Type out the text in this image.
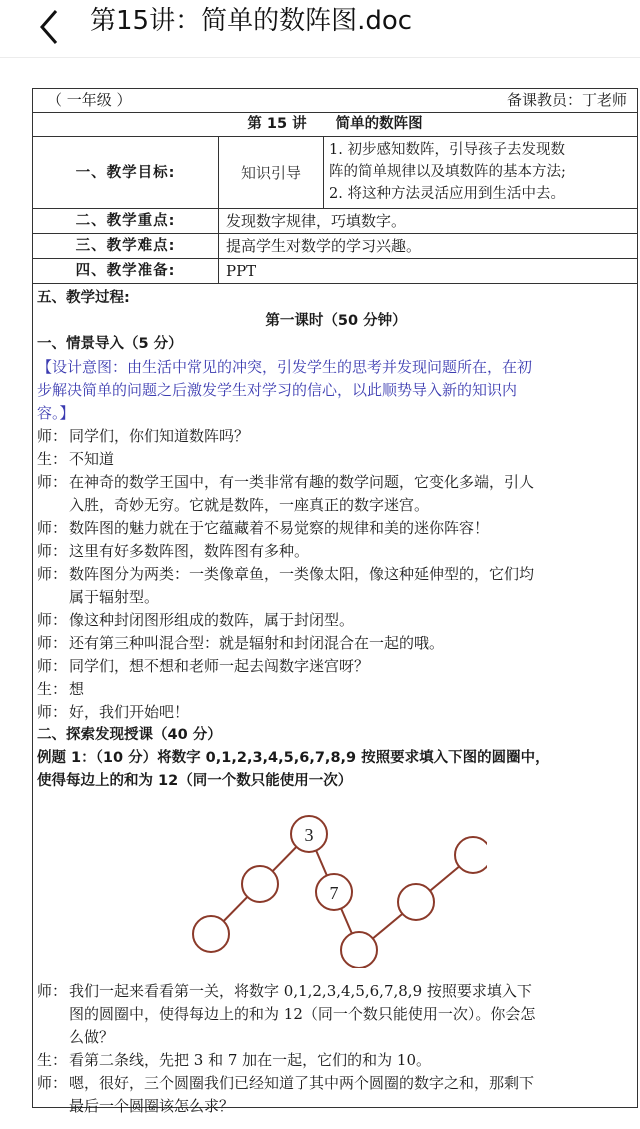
第15讲：简单的数阵图.doc
（ 一年级 ）	备课教员：丁老师
第 15 讲　　简单的数阵图
一、教学目标:	知识引导
1. 初步感知数阵，引导孩子去发现数
阵的简单规律以及填数阵的基本方法;
2. 将这种方法灵活应用到生活中去。
二、教学重点:	发现数字规律，巧填数字。
三、教学难点:	提高学生对数学的学习兴趣。
四、教学准备:	PPT
五、教学过程:
第一课时（50 分钟）
一、情景导入（5 分）
【设计意图：由生活中常见的冲突，引发学生的思考并发现问题所在，在初
步解决简单的问题之后激发学生对学习的信心，以此顺势导入新的知识内
容。】
师： 同学们，你们知道数阵吗？
生： 不知道
师： 在神奇的数学王国中，有一类非常有趣的数学问题，它变化多端，引人
入胜，奇妙无穷。它就是数阵，一座真正的数字迷宫。
师： 数阵图的魅力就在于它蕴藏着不易觉察的规律和美的迷你阵容！
师： 这里有好多数阵图，数阵图有多种。
师： 数阵图分为两类：一类像章鱼，一类像太阳，像这种延伸型的，它们均
属于辐射型。
师： 像这种封闭图形组成的数阵，属于封闭型。
师： 还有第三种叫混合型：就是辐射和封闭混合在一起的哦。
师： 同学们，想不想和老师一起去闯数字迷宫呀？
生： 想
师： 好，我们开始吧！
二、探索发现授课（40 分）
例题 1：（10 分）将数字 0,1,2,3,4,5,6,7,8,9 按照要求填入下图的圆圈中，
使得每边上的和为 12（同一个数只能使用一次）
3
7
师： 我们一起来看看第一关，将数字 0,1,2,3,4,5,6,7,8,9 按照要求填入下
图的圆圈中，使得每边上的和为 12（同一个数只能使用一次）。你会怎
么做？
生： 看第二条线，先把 3 和 7 加在一起，它们的和为 10。
师： 嗯，很好，三个圆圈我们已经知道了其中两个圆圈的数字之和，那剩下
最后一个圆圈该怎么求？
